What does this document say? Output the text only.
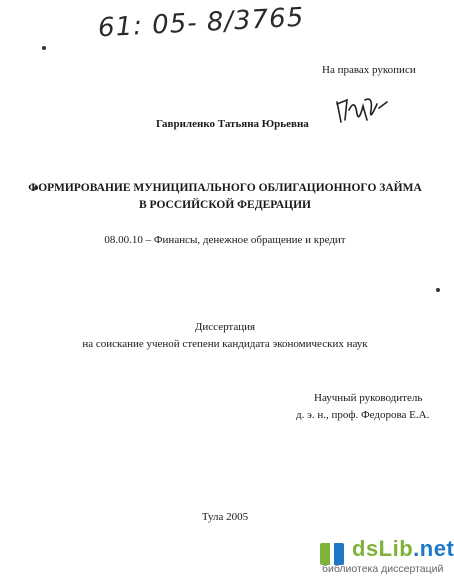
61: 05- 8/3765
На правах рукописи
Гавриленко Татьяна Юрьевна
ФОРМИРОВАНИЕ МУНИЦИПАЛЬНОГО ОБЛИГАЦИОННОГО ЗАЙМА
В РОССИЙСКОЙ ФЕДЕРАЦИИ
08.00.10 – Финансы, денежное обращение и кредит
Диссертация
на соискание ученой степени кандидата экономических наук
Научный руководитель
д. э. н., проф. Федорова Е.А.
Тула 2005
dsLib.net
библиотека диссертаций
